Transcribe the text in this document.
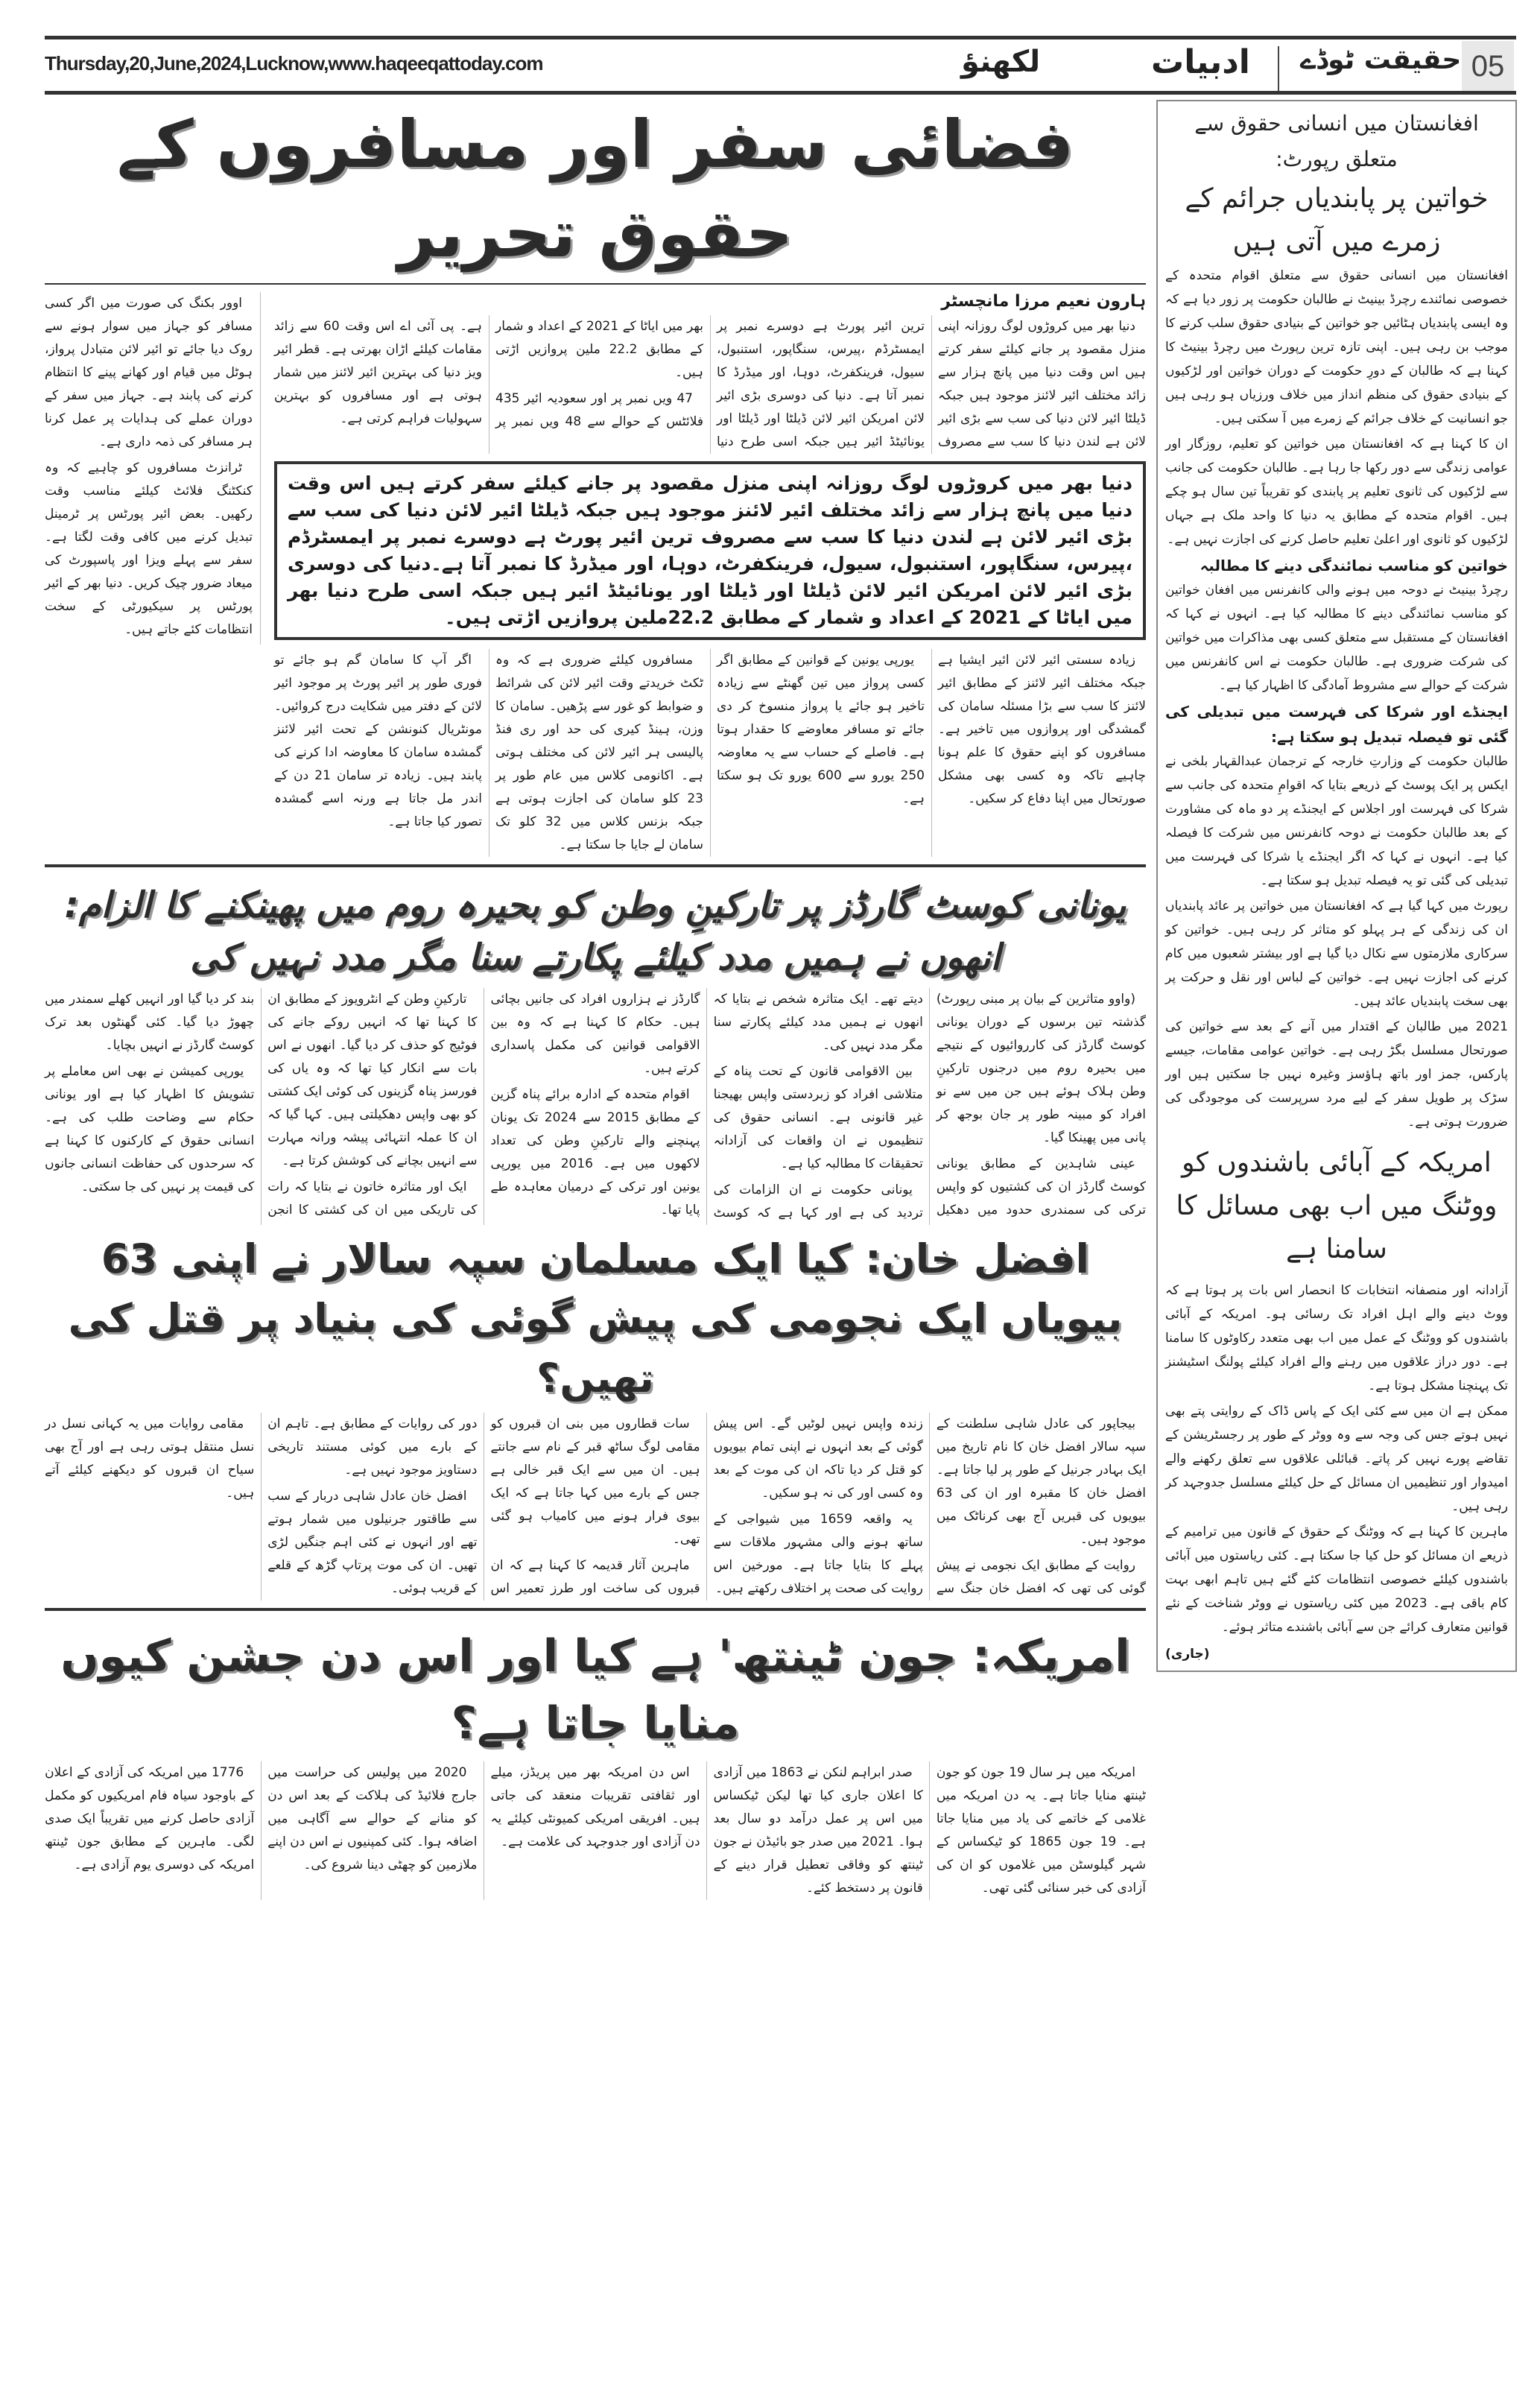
Thursday,20,June,2024,Lucknow,www.haqeeqattoday.com	لکھنؤ	ادبیات حقیقت ٹوڈے 05
فضائی سفر اور مسافروں کے حقوق تحریر
ہارون نعیم مرزا مانچسٹر

دنیا بھر میں کروڑوں لوگ روزانہ اپنی منزل مقصود پر جانے کیلئے سفر کرتے ہیں اس وقت دنیا میں پانچ ہزار سے زائد مختلف ائیر لائنز موجود ہیں جبکہ ڈیلٹا ائیر لائن دنیا کی سب سے بڑی ائیر لائن ہے لندن دنیا کا سب سے مصروف ترین ائیر پورٹ ہے دوسرے نمبر پر ایمسٹرڈم ،پیرس، سنگاپور، استنبول، سیول، فرینکفرٹ، دوہا، اور میڈرڈ کا نمبر آتا ہے۔ دنیا کی دوسری بڑی ائیر لائن امریکن ائیر لائن ڈیلٹا اور ڈیلٹا اور یونائیٹڈ ائیر ہیں جبکہ اسی طرح دنیا بھر میں ایاٹا کے 2021 کے اعداد و شمار کے مطابق 22.2 ملین پروازیں اڑتی ہیں۔

47 ویں نمبر پر اور سعودیہ ائیر 435 فلائٹس کے حوالے سے 48 ویں نمبر پر ہے۔ پی آئی اے اس وقت 60 سے زائد مقامات کیلئے اڑان بھرتی ہے۔ قطر ائیر ویز دنیا کی بہترین ائیر لائنز میں شمار ہوتی ہے اور مسافروں کو بہترین سہولیات فراہم کرتی ہے۔

دنیا بھر میں کروڑوں لوگ روزانہ اپنی منزل مقصود پر جانے کیلئے سفر کرتے ہیں اس وقت دنیا میں پانچ ہزار سے زائد مختلف ائیر لائنز موجود ہیں جبکہ ڈیلٹا ائیر لائن دنیا کی سب سے بڑی ائیر لائن ہے لندن دنیا کا سب سے مصروف ترین ائیر پورٹ ہے دوسرے نمبر پر ایمسٹرڈم ،پیرس، سنگاپور، استنبول، سیول، فرینکفرٹ، دوہا، اور میڈرڈ کا نمبر آتا ہے۔دنیا کی دوسری بڑی ائیر لائن امریکن ائیر لائن ڈیلٹا اور ڈیلٹا اور یونائیٹڈ ائیر ہیں جبکہ اسی طرح دنیا بھر میں ایاٹا کے 2021 کے اعداد و شمار کے مطابق 22.2ملین پروازیں اڑتی ہیں۔

زیادہ سستی ائیر لائن ائیر ایشیا ہے جبکہ مختلف ائیر لائنز کے مطابق ائیر لائنز کا سب سے بڑا مسئلہ سامان کی گمشدگی اور پروازوں میں تاخیر ہے۔ مسافروں کو اپنے حقوق کا علم ہونا چاہیے تاکہ وہ کسی بھی مشکل صورتحال میں اپنا دفاع کر سکیں۔

یورپی یونین کے قوانین کے مطابق اگر کسی پرواز میں تین گھنٹے سے زیادہ تاخیر ہو جائے یا پرواز منسوخ کر دی جائے تو مسافر معاوضے کا حقدار ہوتا ہے۔ فاصلے کے حساب سے یہ معاوضہ 250 یورو سے 600 یورو تک ہو سکتا ہے۔

مسافروں کیلئے ضروری ہے کہ وہ ٹکٹ خریدتے وقت ائیر لائن کی شرائط و ضوابط کو غور سے پڑھیں۔ سامان کا وزن، ہینڈ کیری کی حد اور ری فنڈ پالیسی ہر ائیر لائن کی مختلف ہوتی ہے۔ اکانومی کلاس میں عام طور پر 23 کلو سامان کی اجازت ہوتی ہے جبکہ بزنس کلاس میں 32 کلو تک سامان لے جایا جا سکتا ہے۔

اگر آپ کا سامان گم ہو جائے تو فوری طور پر ائیر پورٹ پر موجود ائیر لائن کے دفتر میں شکایت درج کروائیں۔ مونٹریال کنونشن کے تحت ائیر لائنز گمشدہ سامان کا معاوضہ ادا کرنے کی پابند ہیں۔ زیادہ تر سامان 21 دن کے اندر مل جاتا ہے ورنہ اسے گمشدہ تصور کیا جاتا ہے۔

اوور بکنگ کی صورت میں اگر کسی مسافر کو جہاز میں سوار ہونے سے روک دیا جائے تو ائیر لائن متبادل پرواز، ہوٹل میں قیام اور کھانے پینے کا انتظام کرنے کی پابند ہے۔ جہاز میں سفر کے دوران عملے کی ہدایات پر عمل کرنا ہر مسافر کی ذمہ داری ہے۔

ٹرانزٹ مسافروں کو چاہیے کہ وہ کنکٹنگ فلائٹ کیلئے مناسب وقت رکھیں۔ بعض ائیر پورٹس پر ٹرمینل تبدیل کرنے میں کافی وقت لگتا ہے۔ سفر سے پہلے ویزا اور پاسپورٹ کی میعاد ضرور چیک کریں۔ دنیا بھر کے ائیر پورٹس پر سیکیورٹی کے سخت انتظامات کئے جاتے ہیں۔

یونانی کوسٹ گارڈز پر تارکینِ وطن کو بحیرہ روم میں پھینکنے کا الزام: انھوں نے ہمیں مدد کیلئے پکارتے سنا مگر مدد نہیں کی

(واوو متاثرین کے بیان پر مبنی رپورٹ) گذشتہ تین برسوں کے دوران یونانی کوسٹ گارڈز کی کارروائیوں کے نتیجے میں بحیرہ روم میں درجنوں تارکینِ وطن ہلاک ہوئے ہیں جن میں سے نو افراد کو مبینہ طور پر جان بوجھ کر پانی میں پھینکا گیا۔

عینی شاہدین کے مطابق یونانی کوسٹ گارڈز ان کی کشتیوں کو واپس ترکی کی سمندری حدود میں دھکیل دیتے تھے۔ ایک متاثرہ شخص نے بتایا کہ انھوں نے ہمیں مدد کیلئے پکارتے سنا مگر مدد نہیں کی۔

بین الاقوامی قانون کے تحت پناہ کے متلاشی افراد کو زبردستی واپس بھیجنا غیر قانونی ہے۔ انسانی حقوق کی تنظیموں نے ان واقعات کی آزادانہ تحقیقات کا مطالبہ کیا ہے۔

یونانی حکومت نے ان الزامات کی تردید کی ہے اور کہا ہے کہ کوسٹ گارڈز نے ہزاروں افراد کی جانیں بچائی ہیں۔ حکام کا کہنا ہے کہ وہ بین الاقوامی قوانین کی مکمل پاسداری کرتے ہیں۔

اقوام متحدہ کے ادارہ برائے پناہ گزین کے مطابق 2015 سے 2024 تک یونان پہنچنے والے تارکینِ وطن کی تعداد لاکھوں میں ہے۔ 2016 میں یورپی یونین اور ترکی کے درمیان معاہدہ طے پایا تھا۔

تارکینِ وطن کے انٹرویوز کے مطابق ان کا کہنا تھا کہ انہیں روکے جانے کی فوٹیج کو حذف کر دیا گیا۔ انھوں نے اس بات سے انکار کیا تھا کہ وہ یاں کی فورسز پناہ گزینوں کی کوئی ایک کشتی کو بھی واپس دھکیلتی ہیں۔ کہا گیا کہ ان کا عملہ انتہائی پیشہ ورانہ مہارت سے انہیں بچانے کی کوشش کرتا ہے۔

ایک اور متاثرہ خاتون نے بتایا کہ رات کی تاریکی میں ان کی کشتی کا انجن بند کر دیا گیا اور انہیں کھلے سمندر میں چھوڑ دیا گیا۔ کئی گھنٹوں بعد ترک کوسٹ گارڈز نے انہیں بچایا۔

یورپی کمیشن نے بھی اس معاملے پر تشویش کا اظہار کیا ہے اور یونانی حکام سے وضاحت طلب کی ہے۔ انسانی حقوق کے کارکنوں کا کہنا ہے کہ سرحدوں کی حفاظت انسانی جانوں کی قیمت پر نہیں کی جا سکتی۔

افضل خان: کیا ایک مسلمان سپہ سالار نے اپنی 63 بیویاں ایک نجومی کی پیش گوئی کی بنیاد پر قتل کی تھیں؟

بیجاپور کی عادل شاہی سلطنت کے سپہ سالار افضل خان کا نام تاریخ میں ایک بہادر جرنیل کے طور پر لیا جاتا ہے۔ افضل خان کا مقبرہ اور ان کی 63 بیویوں کی قبریں آج بھی کرناٹک میں موجود ہیں۔

روایت کے مطابق ایک نجومی نے پیش گوئی کی تھی کہ افضل خان جنگ سے زندہ واپس نہیں لوٹیں گے۔ اس پیش گوئی کے بعد انہوں نے اپنی تمام بیویوں کو قتل کر دیا تاکہ ان کی موت کے بعد وہ کسی اور کی نہ ہو سکیں۔

یہ واقعہ 1659 میں شیواجی کے ساتھ ہونے والی مشہور ملاقات سے پہلے کا بتایا جاتا ہے۔ مورخین اس روایت کی صحت پر اختلاف رکھتے ہیں۔

سات قطاروں میں بنی ان قبروں کو مقامی لوگ ساٹھ قبر کے نام سے جانتے ہیں۔ ان میں سے ایک قبر خالی ہے جس کے بارے میں کہا جاتا ہے کہ ایک بیوی فرار ہونے میں کامیاب ہو گئی تھی۔

ماہرین آثار قدیمہ کا کہنا ہے کہ ان قبروں کی ساخت اور طرز تعمیر اس دور کی روایات کے مطابق ہے۔ تاہم ان کے بارے میں کوئی مستند تاریخی دستاویز موجود نہیں ہے۔

افضل خان عادل شاہی دربار کے سب سے طاقتور جرنیلوں میں شمار ہوتے تھے اور انہوں نے کئی اہم جنگیں لڑی تھیں۔ ان کی موت پرتاپ گڑھ کے قلعے کے قریب ہوئی۔

مقامی روایات میں یہ کہانی نسل در نسل منتقل ہوتی رہی ہے اور آج بھی سیاح ان قبروں کو دیکھنے کیلئے آتے ہیں۔

امریکہ: جون ٹینتھ' ہے کیا اور اس دن جشن کیوں منایا جاتا ہے؟

امریکہ میں ہر سال 19 جون کو جون ٹینتھ منایا جاتا ہے۔ یہ دن امریکہ میں غلامی کے خاتمے کی یاد میں منایا جاتا ہے۔ 19 جون 1865 کو ٹیکساس کے شہر گیلوسٹن میں غلاموں کو ان کی آزادی کی خبر سنائی گئی تھی۔

صدر ابراہم لنکن نے 1863 میں آزادی کا اعلان جاری کیا تھا لیکن ٹیکساس میں اس پر عمل درآمد دو سال بعد ہوا۔ 2021 میں صدر جو بائیڈن نے جون ٹینتھ کو وفاقی تعطیل قرار دینے کے قانون پر دستخط کئے۔

اس دن امریکہ بھر میں پریڈز، میلے اور ثقافتی تقریبات منعقد کی جاتی ہیں۔ افریقی امریکی کمیونٹی کیلئے یہ دن آزادی اور جدوجہد کی علامت ہے۔

2020 میں پولیس کی حراست میں جارج فلائیڈ کی ہلاکت کے بعد اس دن کو منانے کے حوالے سے آگاہی میں اضافہ ہوا۔ کئی کمپنیوں نے اس دن اپنے ملازمین کو چھٹی دینا شروع کی۔

1776 میں امریکہ کی آزادی کے اعلان کے باوجود سیاہ فام امریکیوں کو مکمل آزادی حاصل کرنے میں تقریباً ایک صدی لگی۔ ماہرین کے مطابق جون ٹینتھ امریکہ کی دوسری یوم آزادی ہے۔

افغانستان میں انسانی حقوق سے متعلق رپورٹ:
خواتین پر پابندیاں جرائم کے زمرے میں آتی ہیں

افغانستان میں انسانی حقوق سے متعلق اقوام متحدہ کے خصوصی نمائندے رچرڈ بینیٹ نے طالبان حکومت پر زور دیا ہے کہ وہ ایسی پابندیاں ہٹائیں جو خواتین کے بنیادی حقوق سلب کرنے کا موجب بن رہی ہیں۔ اپنی تازہ ترین رپورٹ میں رچرڈ بینیٹ کا کہنا ہے کہ طالبان کے دورِ حکومت کے دوران خواتین اور لڑکیوں کے بنیادی حقوق کی منظم انداز میں خلاف ورزیاں ہو رہی ہیں جو انسانیت کے خلاف جرائم کے زمرے میں آ سکتی ہیں۔

ان کا کہنا ہے کہ افغانستان میں خواتین کو تعلیم، روزگار اور عوامی زندگی سے دور رکھا جا رہا ہے۔ طالبان حکومت کی جانب سے لڑکیوں کی ثانوی تعلیم پر پابندی کو تقریباً تین سال ہو چکے ہیں۔ اقوام متحدہ کے مطابق یہ دنیا کا واحد ملک ہے جہاں لڑکیوں کو ثانوی اور اعلیٰ تعلیم حاصل کرنے کی اجازت نہیں ہے۔

خواتین کو مناسب نمائندگی دینے کا مطالبہ

رچرڈ بینیٹ نے دوحہ میں ہونے والی کانفرنس میں افغان خواتین کو مناسب نمائندگی دینے کا مطالبہ کیا ہے۔ انہوں نے کہا کہ افغانستان کے مستقبل سے متعلق کسی بھی مذاکرات میں خواتین کی شرکت ضروری ہے۔ طالبان حکومت نے اس کانفرنس میں شرکت کے حوالے سے مشروط آمادگی کا اظہار کیا ہے۔

ایجنڈے اور شرکا کی فہرست میں تبدیلی کی گئی تو فیصلہ تبدیل ہو سکتا ہے:

طالبان حکومت کے وزارتِ خارجہ کے ترجمان عبدالقہار بلخی نے ایکس پر ایک پوسٹ کے ذریعے بتایا کہ اقوامِ متحدہ کی جانب سے شرکا کی فہرست اور اجلاس کے ایجنڈے پر دو ماہ کی مشاورت کے بعد طالبان حکومت نے دوحہ کانفرنس میں شرکت کا فیصلہ کیا ہے۔ انہوں نے کہا کہ اگر ایجنڈے یا شرکا کی فہرست میں تبدیلی کی گئی تو یہ فیصلہ تبدیل ہو سکتا ہے۔

رپورٹ میں کہا گیا ہے کہ افغانستان میں خواتین پر عائد پابندیاں ان کی زندگی کے ہر پہلو کو متاثر کر رہی ہیں۔ خواتین کو سرکاری ملازمتوں سے نکال دیا گیا ہے اور بیشتر شعبوں میں کام کرنے کی اجازت نہیں ہے۔ خواتین کے لباس اور نقل و حرکت پر بھی سخت پابندیاں عائد ہیں۔

2021 میں طالبان کے اقتدار میں آنے کے بعد سے خواتین کی صورتحال مسلسل بگڑ رہی ہے۔ خواتین عوامی مقامات، جیسے پارکس، جمز اور باتھ ہاؤسز وغیرہ نہیں جا سکتیں ہیں اور سڑک پر طویل سفر کے لیے مرد سرپرست کی موجودگی کی ضرورت ہوتی ہے۔

امریکہ کے آبائی باشندوں کو ووٹنگ میں اب بھی مسائل کا سامنا ہے

آزادانہ اور منصفانہ انتخابات کا انحصار اس بات پر ہوتا ہے کہ ووٹ دینے والے اہل افراد تک رسائی ہو۔ امریکہ کے آبائی باشندوں کو ووٹنگ کے عمل میں اب بھی متعدد رکاوٹوں کا سامنا ہے۔ دور دراز علاقوں میں رہنے والے افراد کیلئے پولنگ اسٹیشنز تک پہنچنا مشکل ہوتا ہے۔

ممکن ہے ان میں سے کئی ایک کے پاس ڈاک کے روایتی پتے بھی نہیں ہوتے جس کی وجہ سے وہ ووٹر کے طور پر رجسٹریشن کے تقاضے پورے نہیں کر پاتے۔ قبائلی علاقوں سے تعلق رکھنے والے امیدوار اور تنظیمیں ان مسائل کے حل کیلئے مسلسل جدوجہد کر رہی ہیں۔

ماہرین کا کہنا ہے کہ ووٹنگ کے حقوق کے قانون میں ترامیم کے ذریعے ان مسائل کو حل کیا جا سکتا ہے۔ کئی ریاستوں میں آبائی باشندوں کیلئے خصوصی انتظامات کئے گئے ہیں تاہم ابھی بہت کام باقی ہے۔ 2023 میں کئی ریاستوں نے ووٹر شناخت کے نئے قوانین متعارف کرائے جن سے آبائی باشندے متاثر ہوئے۔

(جاری)
